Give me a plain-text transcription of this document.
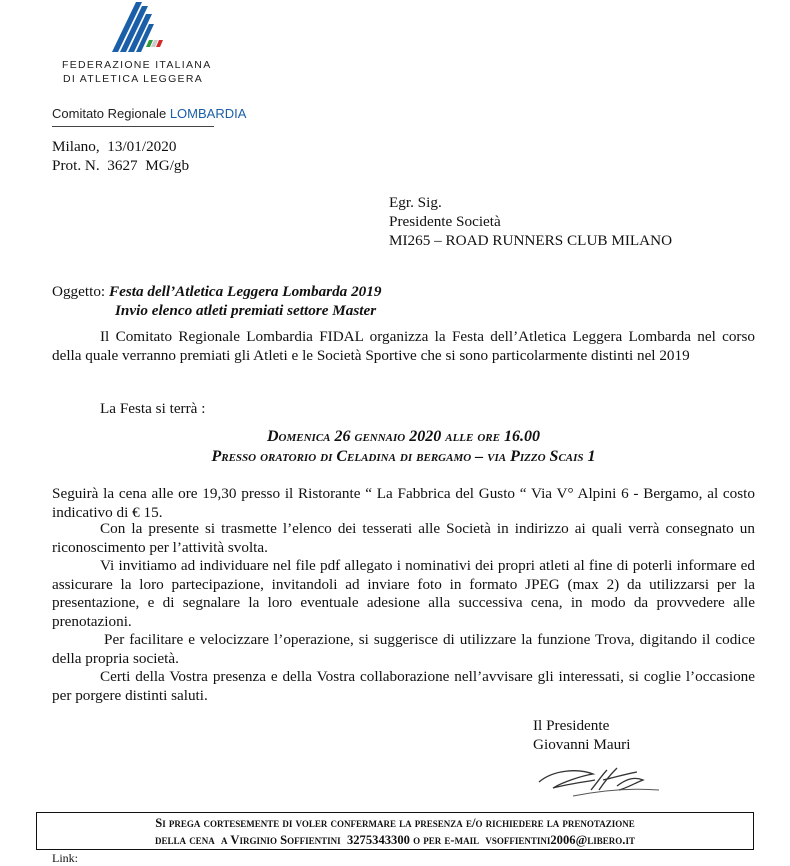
FEDERAZIONE ITALIANA
DI ATLETICA LEGGERA
Comitato Regionale LOMBARDIA
Milano,  13/01/2020
Prot. N.  3627  MG/gb
Egr. Sig.
Presidente Società
MI265 – ROAD RUNNERS CLUB MILANO
Oggetto: Festa dell’Atletica Leggera Lombarda 2019
Invio elenco atleti premiati settore Master
Il Comitato Regionale Lombardia FIDAL organizza la Festa dell’Atletica Leggera Lombarda nel corso della quale verranno premiati gli Atleti e le Società Sportive che si sono particolarmente distinti nel 2019
La Festa si terrà :
Domenica 26 gennaio 2020 alle ore 16.00
Presso oratorio di Celadina di bergamo – via Pizzo Scais 1
Seguirà la cena alle ore 19,30 presso il Ristorante “ La Fabbrica del Gusto “ Via V° Alpini 6 - Bergamo, al costo indicativo di € 15.
Con la presente si trasmette l’elenco dei tesserati alle Società in indirizzo ai quali verrà consegnato un riconoscimento per l’attività svolta.
Vi invitiamo ad individuare nel file pdf allegato i nominativi dei propri atleti al fine di poterli informare ed assicurare la loro partecipazione, invitandoli ad inviare foto in formato JPEG (max 2) da utilizzarsi per la presentazione, e di segnalare la loro eventuale adesione alla successiva cena, in modo da provvedere alle prenotazioni.
Per facilitare e velocizzare l’operazione, si suggerisce di utilizzare la funzione Trova, digitando il codice della propria società.
Certi della Vostra presenza e della Vostra collaborazione nell’avvisare gli interessati, si coglie l’occasione per porgere distinti saluti.
Il Presidente
Giovanni Mauri
Si prega cortesemente di voler confermare la presenza e/o richiedere la prenotazione
della cena  a Virginio Soffientini  3275343300 o per e-mail  vsoffientini2006@libero.it
Link:
